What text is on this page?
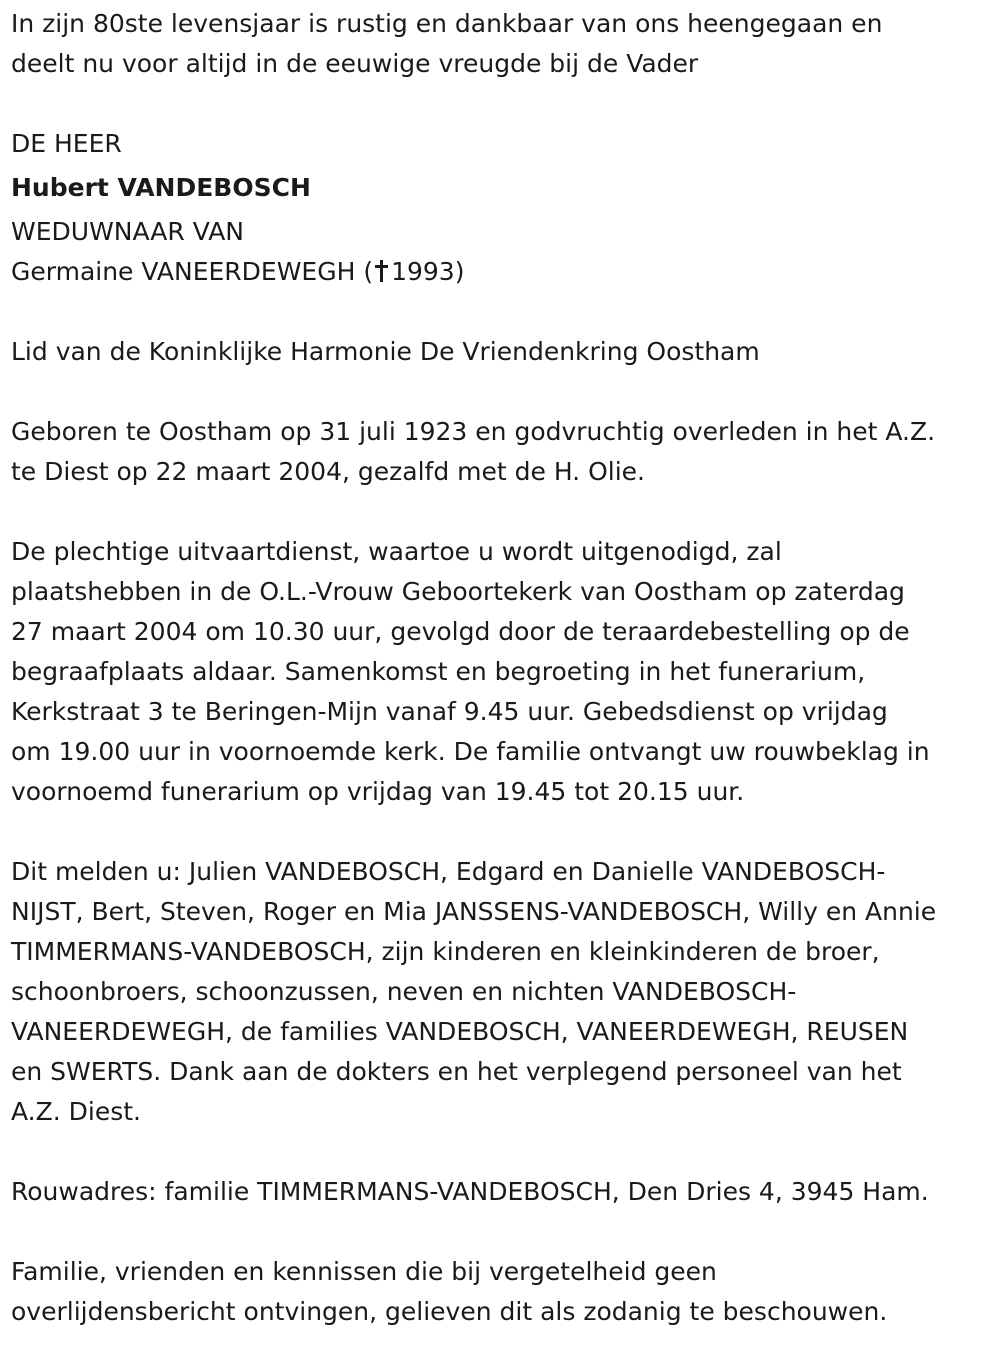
In zijn 80ste levensjaar is rustig en dankbaar van ons heengegaan en
deelt nu voor altijd in de eeuwige vreugde bij de Vader
DE HEER
Hubert VANDEBOSCH
WEDUWNAAR VAN
Germaine VANEERDEWEGH ( 1993)
Lid van de Koninklijke Harmonie De Vriendenkring Oostham
Geboren te Oostham op 31 juli 1923 en godvruchtig overleden in het A.Z.
te Diest op 22 maart 2004, gezalfd met de H. Olie.
De plechtige uitvaartdienst, waartoe u wordt uitgenodigd, zal
plaatshebben in de O.L.-Vrouw Geboortekerk van Oostham op zaterdag
27 maart 2004 om 10.30 uur, gevolgd door de teraardebestelling op de
begraafplaats aldaar. Samenkomst en begroeting in het funerarium,
Kerkstraat 3 te Beringen-Mijn vanaf 9.45 uur. Gebedsdienst op vrijdag
om 19.00 uur in voornoemde kerk. De familie ontvangt uw rouwbeklag in
voornoemd funerarium op vrijdag van 19.45 tot 20.15 uur.
Dit melden u: Julien VANDEBOSCH, Edgard en Danielle VANDEBOSCH-
NIJST, Bert, Steven, Roger en Mia JANSSENS-VANDEBOSCH, Willy en Annie
TIMMERMANS-VANDEBOSCH, zijn kinderen en kleinkinderen de broer,
schoonbroers, schoonzussen, neven en nichten VANDEBOSCH-
VANEERDEWEGH, de families VANDEBOSCH, VANEERDEWEGH, REUSEN
en SWERTS. Dank aan de dokters en het verplegend personeel van het
A.Z. Diest.
Rouwadres: familie TIMMERMANS-VANDEBOSCH, Den Dries 4, 3945 Ham.
Familie, vrienden en kennissen die bij vergetelheid geen
overlijdensbericht ontvingen, gelieven dit als zodanig te beschouwen.
